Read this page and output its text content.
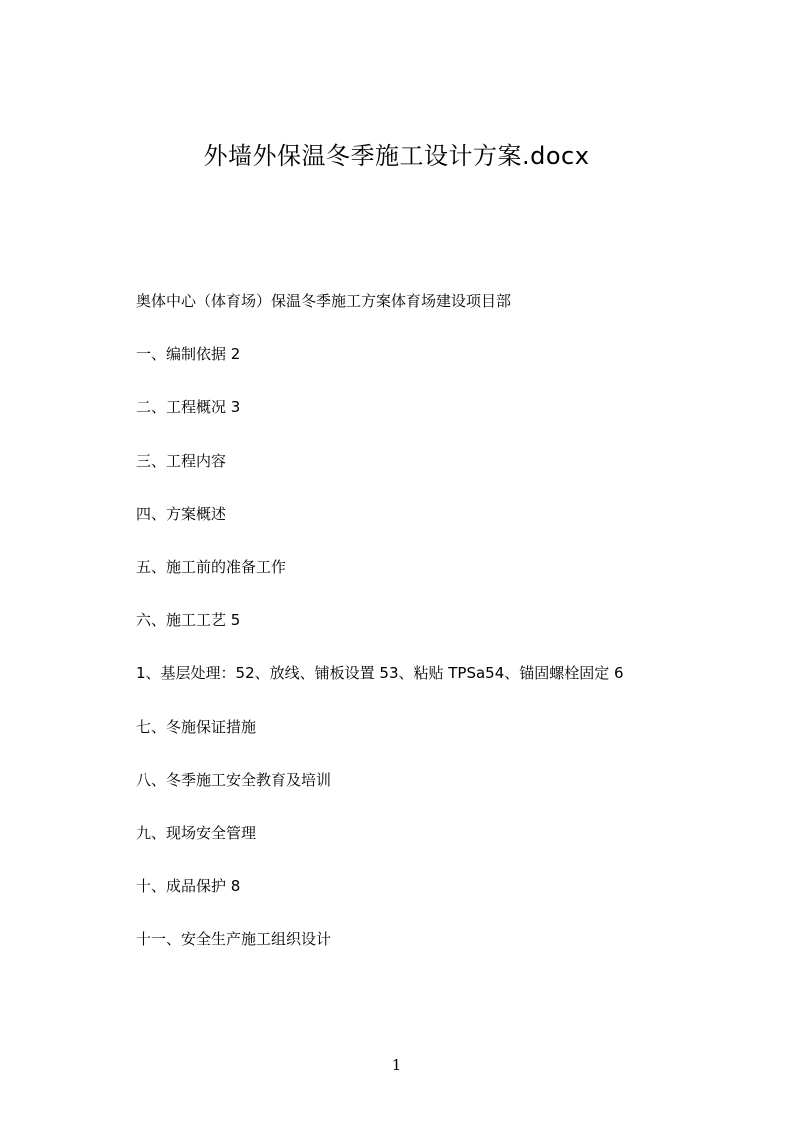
外墙外保温冬季施工设计方案.docx
奥体中心（体育场）保温冬季施工方案体育场建设项目部
一、编制依据 2
二、工程概况 3
三、工程内容
四、方案概述
五、施工前的准备工作
六、施工工艺 5
1、基层处理：52、放线、铺板设置 53、粘贴 TPSa54、锚固螺栓固定 6
七、冬施保证措施
八、冬季施工安全教育及培训
九、现场安全管理
十、成品保护 8
十一、安全生产施工组织设计
1
